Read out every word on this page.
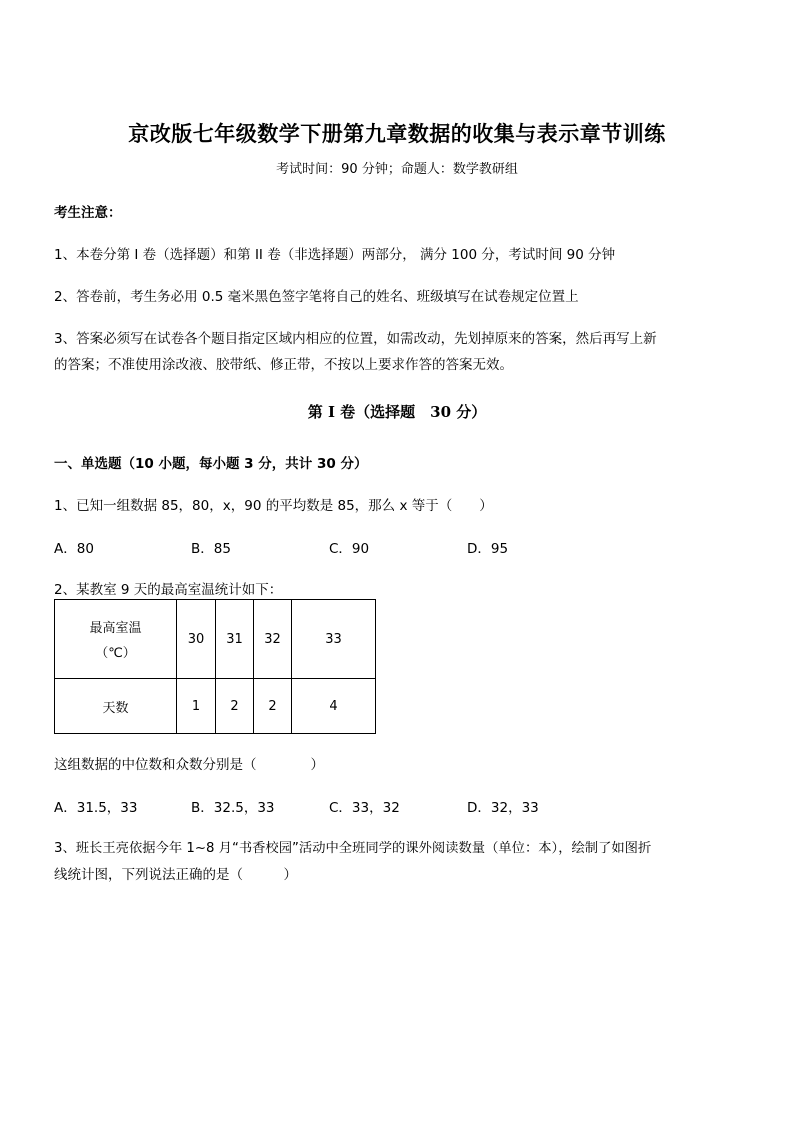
京改版七年级数学下册第九章数据的收集与表示章节训练
考试时间：90 分钟；命题人：数学教研组
考生注意：
1、本卷分第 I 卷（选择题）和第 II 卷（非选择题）两部分， 满分 100 分，考试时间 90 分钟
2、答卷前，考生务必用 0.5 毫米黑色签字笔将自己的姓名、班级填写在试卷规定位置上
3、答案必须写在试卷各个题目指定区域内相应的位置，如需改动，先划掉原来的答案，然后再写上新
的答案；不准使用涂改液、胶带纸、修正带，不按以上要求作答的答案无效。
第 I 卷（选择题　30 分）
一、单选题（10 小题，每小题 3 分，共计 30 分）
1、已知一组数据 85，80，x，90 的平均数是 85，那么 x 等于（　　）
A．80	B．85	C．90	D．95
2、某教室 9 天的最高室温统计如下：
最高室温
（℃）	30	31	32	33
天数	1	2	2	4
这组数据的中位数和众数分别是（　　　　）
A．31.5，33	B．32.5，33	C．33，32	D．32，33
3、班长王亮依据今年 1~8 月“书香校园”活动中全班同学的课外阅读数量（单位：本），绘制了如图折
线统计图，下列说法正确的是（　　　）
